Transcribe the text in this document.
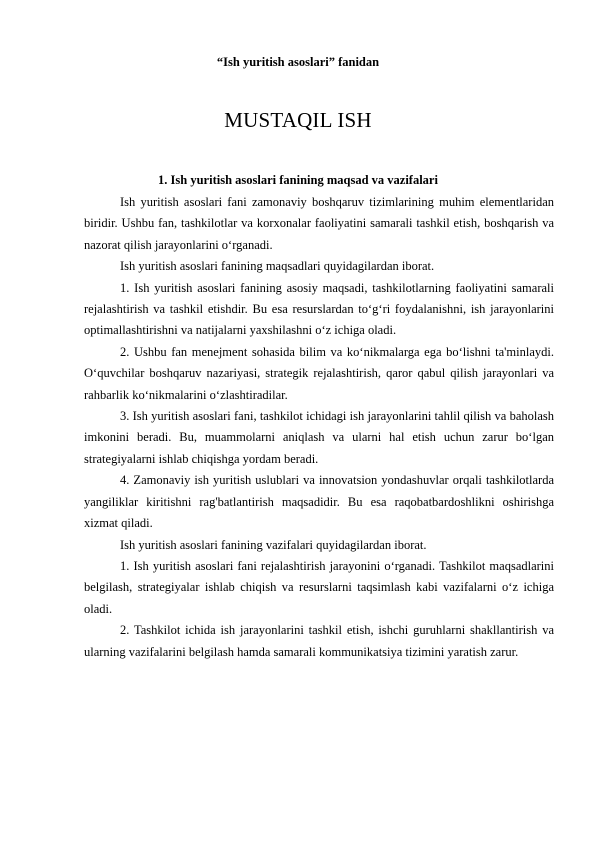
“Ish yuritish asoslari” fanidan
MUSTAQIL ISH
1. Ish yuritish asoslari fanining maqsad va vazifalari

Ish yuritish asoslari fani zamonaviy boshqaruv tizimlarining muhim elementlaridan biridir. Ushbu fan, tashkilotlar va korxonalar faoliyatini samarali tashkil etish, boshqarish va nazorat qilish jarayonlarini o‘rganadi.

Ish yuritish asoslari fanining maqsadlari quyidagilardan iborat.

1. Ish yuritish asoslari fanining asosiy maqsadi, tashkilotlarning faoliyatini samarali rejalashtirish va tashkil etishdir. Bu esa resurslardan to‘g‘ri foydalanishni, ish jarayonlarini optimallashtirishni va natijalarni yaxshilashni o‘z ichiga oladi.

2. Ushbu fan menejment sohasida bilim va ko‘nikmalarga ega bo‘lishni ta'minlaydi. O‘quvchilar boshqaruv nazariyasi, strategik rejalashtirish, qaror qabul qilish jarayonlari va rahbarlik ko‘nikmalarini o‘zlashtiradilar.

3. Ish yuritish asoslari fani, tashkilot ichidagi ish jarayonlarini tahlil qilish va baholash imkonini beradi. Bu, muammolarni aniqlash va ularni hal etish uchun zarur bo‘lgan strategiyalarni ishlab chiqishga yordam beradi.

4. Zamonaviy ish yuritish uslublari va innovatsion yondashuvlar orqali tashkilotlarda yangiliklar kiritishni rag'batlantirish maqsadidir. Bu esa raqobatbardoshlikni oshirishga xizmat qiladi.

Ish yuritish asoslari fanining vazifalari quyidagilardan iborat.

1. Ish yuritish asoslari fani rejalashtirish jarayonini o‘rganadi. Tashkilot maqsadlarini belgilash, strategiyalar ishlab chiqish va resurslarni taqsimlash kabi vazifalarni o‘z ichiga oladi.

2. Tashkilot ichida ish jarayonlarini tashkil etish, ishchi guruhlarni shakllantirish va ularning vazifalarini belgilash hamda samarali kommunikatsiya tizimini yaratish zarur.
